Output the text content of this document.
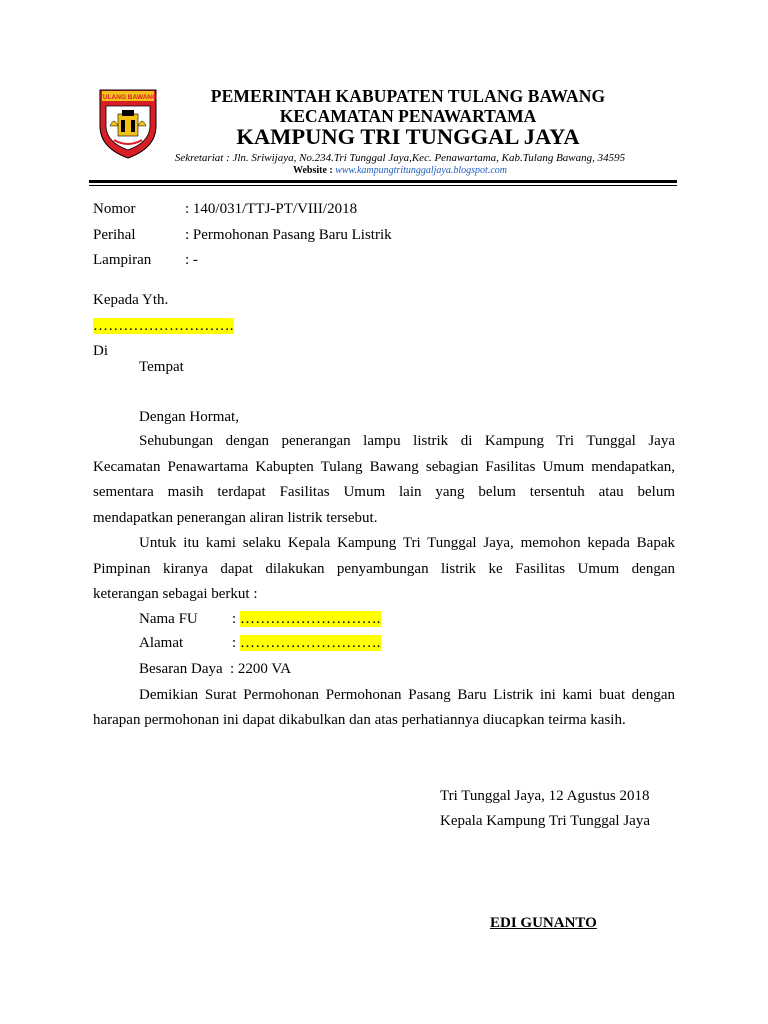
TULANG BAWANG	PEMERINTAH KABUPATEN TULANG BAWANG
KECAMATAN PENAWARTAMA
KAMPUNG TRI TUNGGAL JAYA
Sekretariat : Jln. Sriwijaya, No.234.Tri Tunggal Jaya,Kec. Penawartama, Kab.Tulang Bawang, 34595
Website : www.kampungtritunggaljaya.blogspot.com
Nomor	: 140/031/TTJ-PT/VIII/2018
Perihal	: Permohonan Pasang Baru Listrik
Lampiran : -
Kepada Yth.
……………………….
Di
Tempat
Dengan Hormat,
Sehubungan dengan penerangan lampu listrik di Kampung Tri Tunggal Jaya
Kecamatan Penawartama Kabupten Tulang Bawang sebagian Fasilitas Umum mendapatkan,
sementara masih terdapat Fasilitas Umum lain yang belum tersentuh atau belum
mendapatkan penerangan aliran listrik tersebut.
Untuk itu kami selaku Kepala Kampung Tri Tunggal Jaya, memohon kepada Bapak
Pimpinan kiranya dapat dilakukan penyambungan listrik ke Fasilitas Umum dengan
keterangan sebagai berkut :
Nama FU : ……………………….
Alamat	: ……………………….
Besaran Daya : 2200 VA
Demikian Surat Permohonan Permohonan Pasang Baru Listrik ini kami buat dengan
harapan permohonan ini dapat dikabulkan dan atas perhatiannya diucapkan teirma kasih.
Tri Tunggal Jaya, 12 Agustus 2018
Kepala Kampung Tri Tunggal Jaya
EDI GUNANTO
